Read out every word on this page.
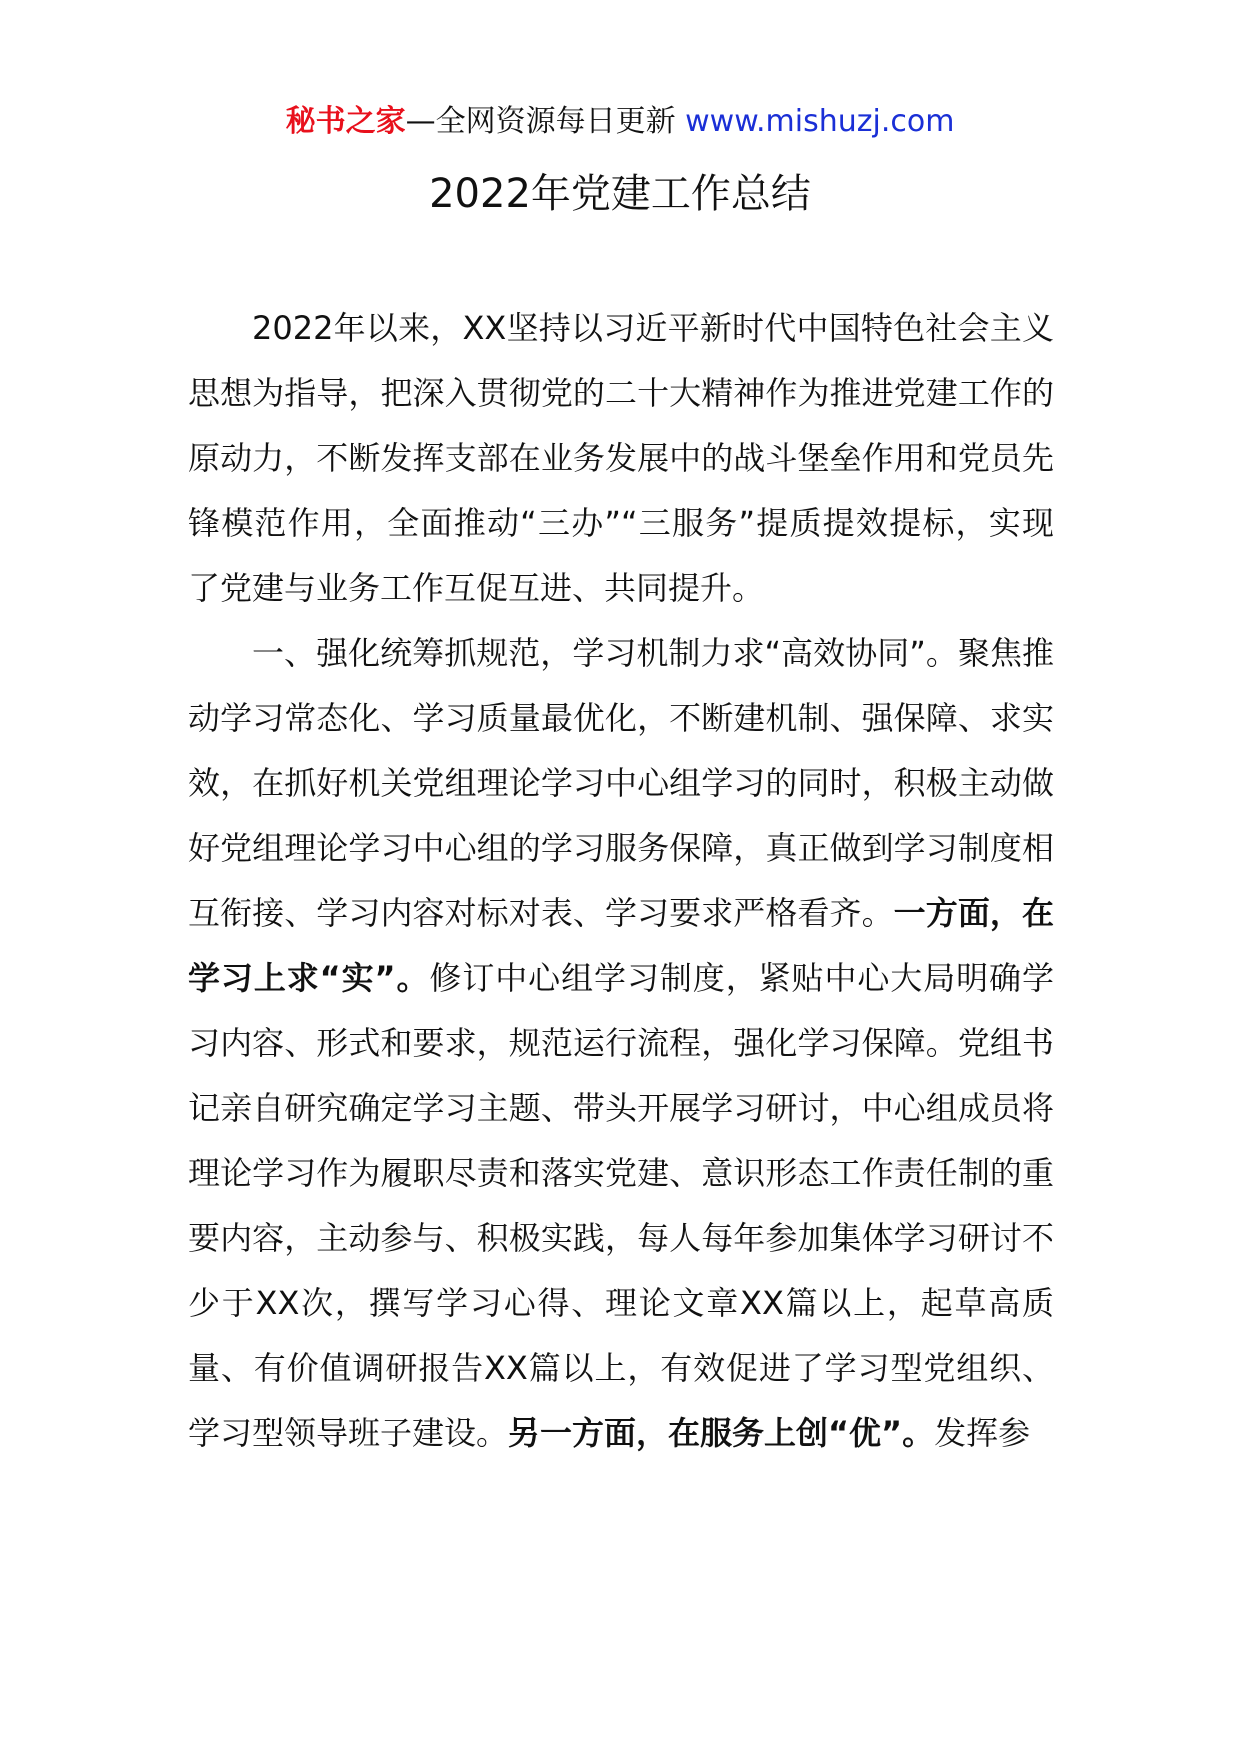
秘书之家—全网资源每日更新 www.mishuzj.com
2022年党建工作总结

2022年以来，XX坚持以习近平新时代中国特色社会主义思想为指导，把深入贯彻党的二十大精神作为推进党建工作的原动力，不断发挥支部在业务发展中的战斗堡垒作用和党员先锋模范作用，全面推动“三办”“三服务”提质提效提标，实现了党建与业务工作互促互进、共同提升。

一、强化统筹抓规范，学习机制力求“高效协同”。聚焦推动学习常态化、学习质量最优化，不断建机制、强保障、求实效，在抓好机关党组理论学习中心组学习的同时，积极主动做好党组理论学习中心组的学习服务保障，真正做到学习制度相互衔接、学习内容对标对表、学习要求严格看齐。一方面，在学习上求“实”。修订中心组学习制度，紧贴中心大局明确学习内容、形式和要求，规范运行流程，强化学习保障。党组书记亲自研究确定学习主题、带头开展学习研讨，中心组成员将理论学习作为履职尽责和落实党建、意识形态工作责任制的重要内容，主动参与、积极实践，每人每年参加集体学习研讨不少于XX次，撰写学习心得、理论文章XX篇以上，起草高质量、有价值调研报告XX篇以上，有效促进了学习型党组织、学习型领导班子建设。另一方面，在服务上创“优”。发挥参
